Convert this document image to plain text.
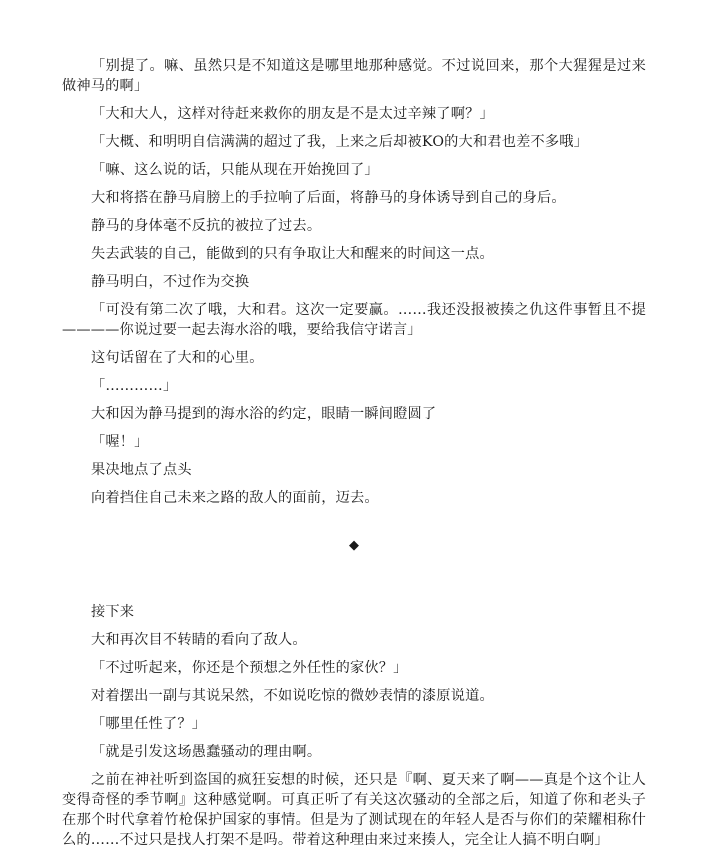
「别提了。嘛、虽然只是不知道这是哪里地那种感觉。不过说回来，那个大猩猩是过来做神马的啊」

「大和大人，这样对待赶来救你的朋友是不是太过辛辣了啊？」

「大概、和明明自信满满的超过了我，上来之后却被KO的大和君也差不多哦」

「嘛、这么说的话，只能从现在开始挽回了」

大和将搭在静马肩膀上的手拉响了后面，将静马的身体诱导到自己的身后。

静马的身体毫不反抗的被拉了过去。

失去武装的自己，能做到的只有争取让大和醒来的时间这一点。

静马明白，不过作为交换

「可没有第二次了哦，大和君。这次一定要赢。……我还没报被揍之仇这件事暂且不提————你说过要一起去海水浴的哦，要给我信守诺言」

这句话留在了大和的心里。

「…………」

大和因为静马提到的海水浴的约定，眼睛一瞬间瞪圆了

「喔！」

果决地点了点头

向着挡住自己未来之路的敌人的面前，迈去。

◆

接下来

大和再次目不转睛的看向了敌人。

「不过听起来，你还是个预想之外任性的家伙？」

对着摆出一副与其说呆然，不如说吃惊的微妙表情的漆原说道。

「哪里任性了？」

「就是引发这场愚蠢骚动的理由啊。

之前在神社听到盗国的疯狂妄想的时候，还只是『啊、夏天来了啊——真是个这个让人变得奇怪的季节啊』这种感觉啊。可真正听了有关这次骚动的全部之后，知道了你和老头子在那个时代拿着竹枪保护国家的事情。但是为了测试现在的年轻人是否与你们的荣耀相称什么的……不过只是找人打架不是吗。带着这种理由来过来揍人，完全让人搞不明白啊」
